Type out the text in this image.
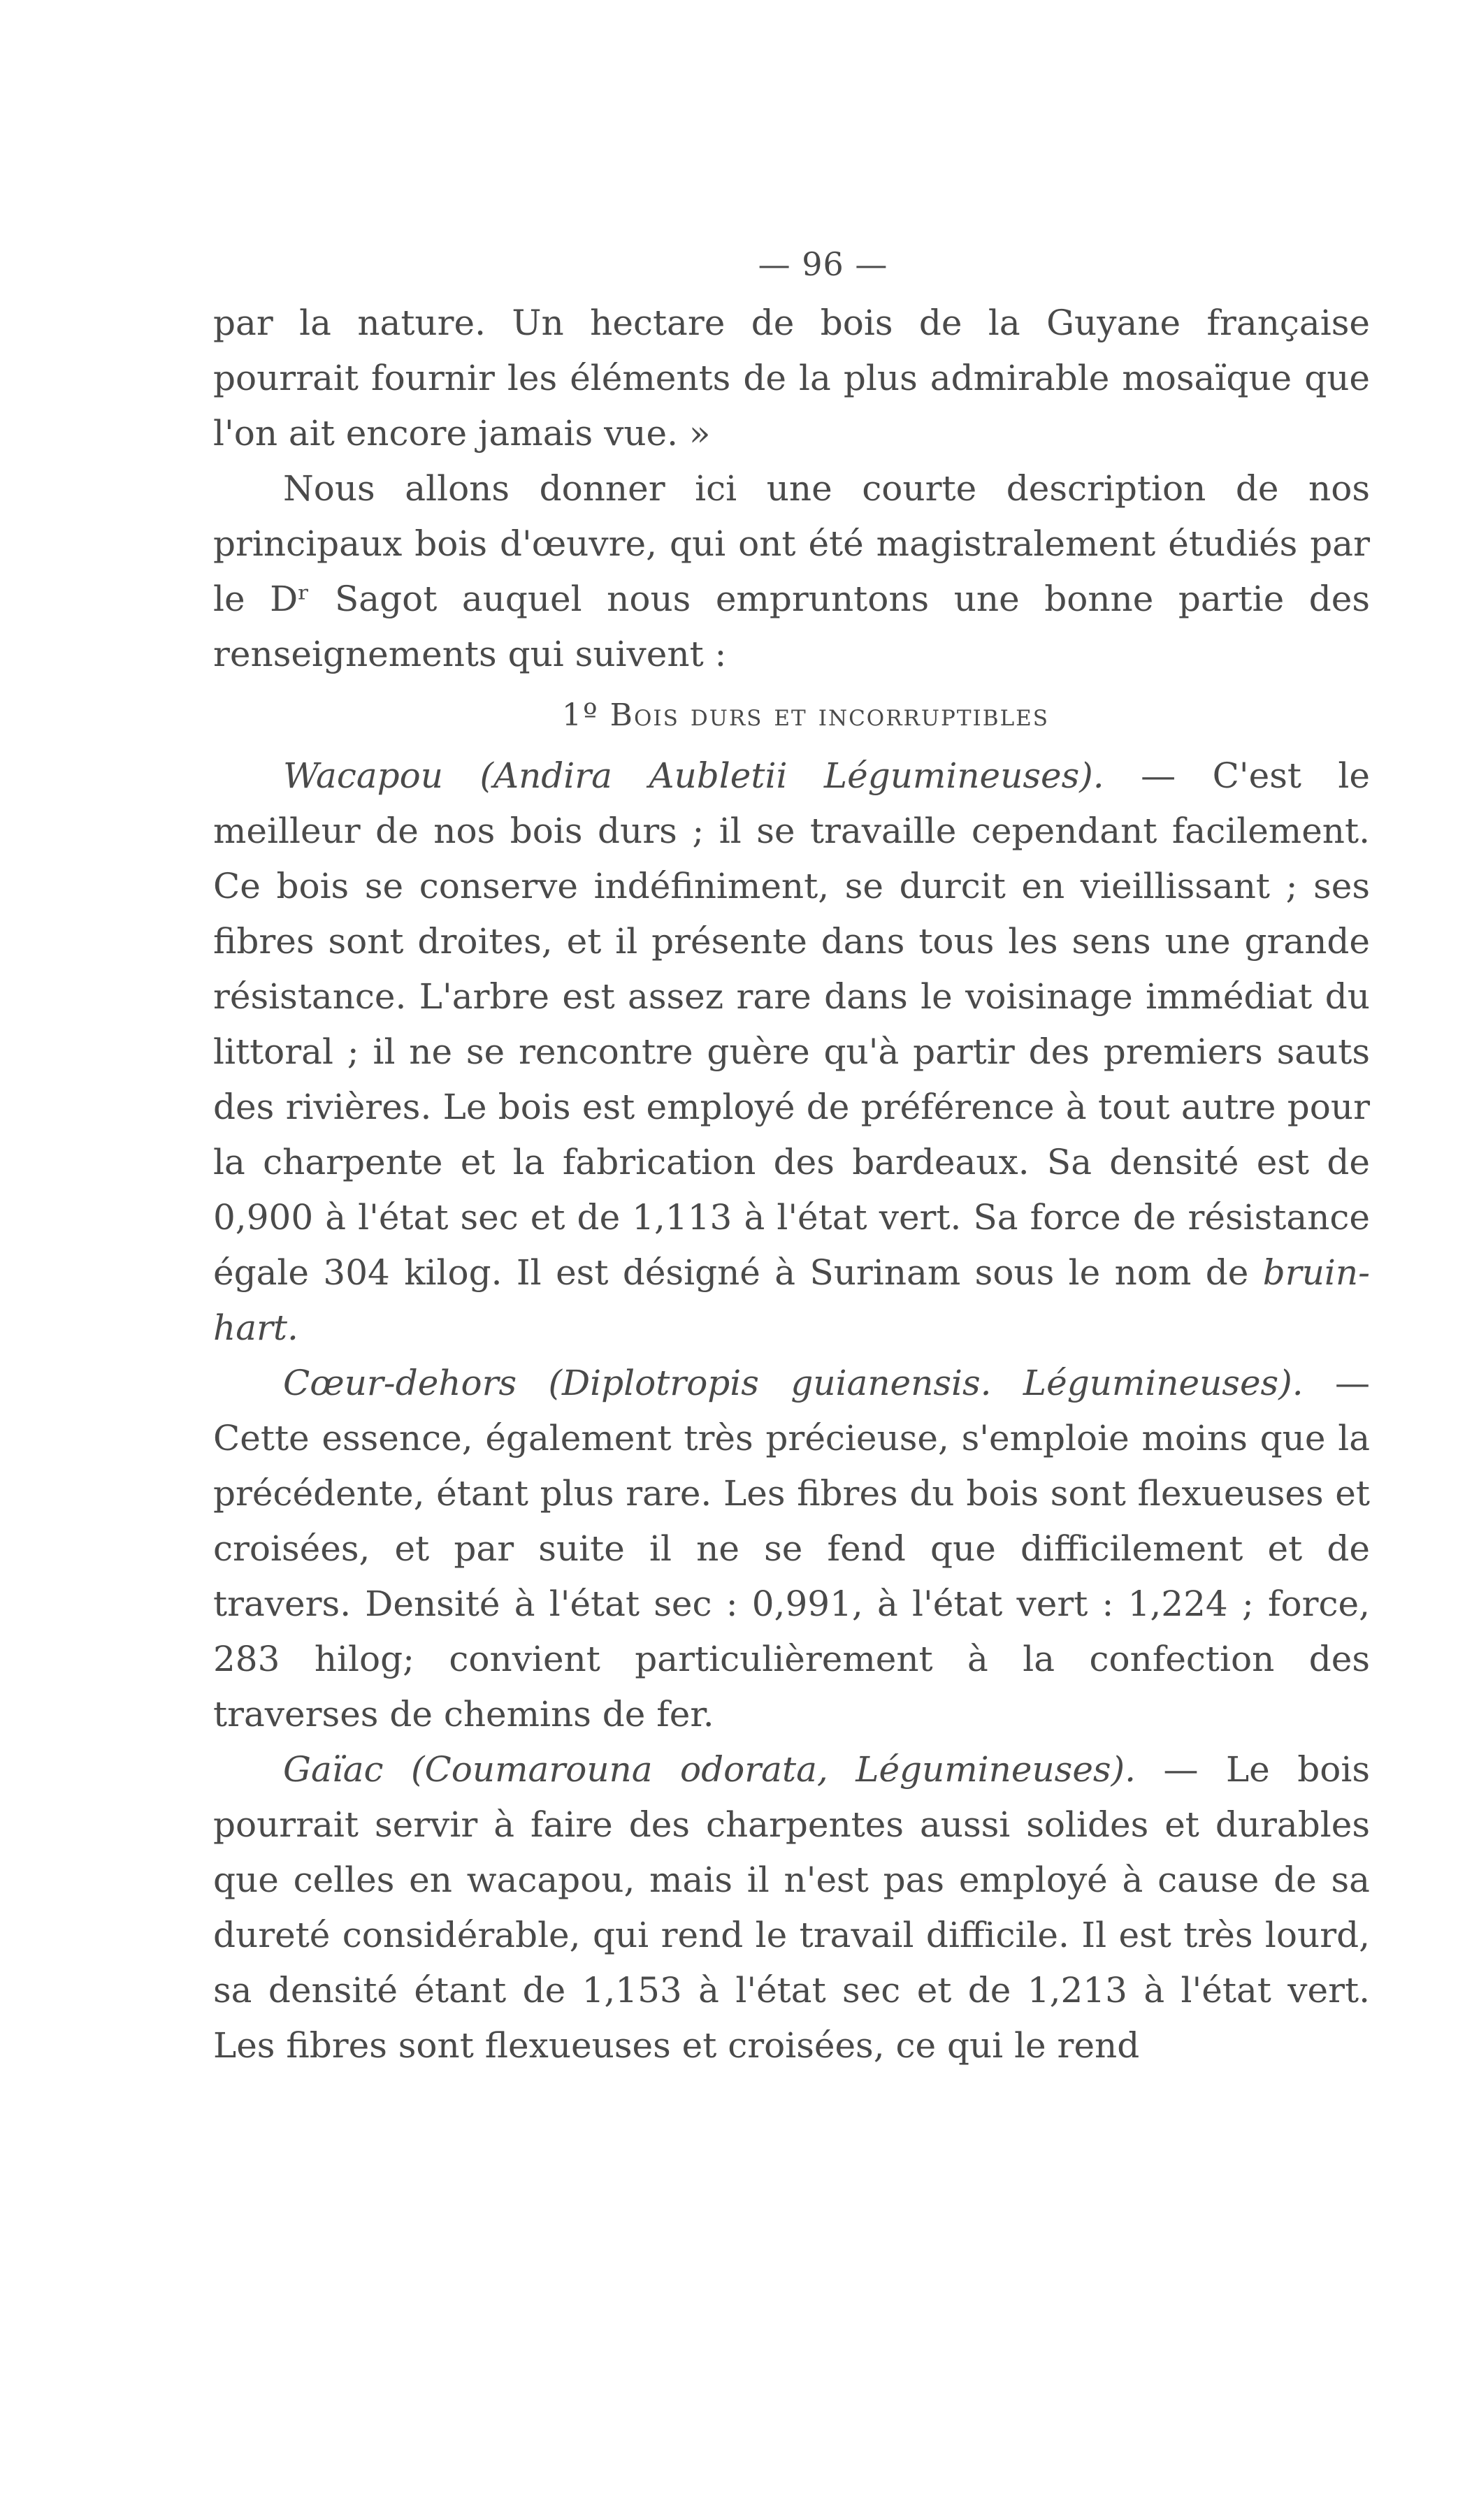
— 96 —

par la nature. Un hectare de bois de la Guyane française pourrait fournir les éléments de la plus admirable mosaïque que l'on ait encore jamais vue. »

Nous allons donner ici une courte description de nos principaux bois d'œuvre, qui ont été magistralement étudiés par le Dʳ Sagot auquel nous empruntons une bonne partie des renseignements qui suivent :

1º Bois durs et incorruptibles

Wacapou (Andira Aubletii Légumineuses). — C'est le meilleur de nos bois durs ; il se travaille cependant facilement. Ce bois se conserve indéfiniment, se durcit en vieillissant ; ses fibres sont droites, et il présente dans tous les sens une grande résistance. L'arbre est assez rare dans le voisinage immédiat du littoral ; il ne se rencontre guère qu'à partir des premiers sauts des rivières. Le bois est employé de préférence à tout autre pour la charpente et la fabrication des bardeaux. Sa densité est de 0,900 à l'état sec et de 1,113 à l'état vert. Sa force de résistance égale 304 kilog. Il est désigné à Surinam sous le nom de bruin-hart.

Cœur-dehors (Diplotropis guianensis. Légumineuses). — Cette essence, également très précieuse, s'emploie moins que la précédente, étant plus rare. Les fibres du bois sont flexueuses et croisées, et par suite il ne se fend que difficilement et de travers. Densité à l'état sec : 0,991, à l'état vert : 1,224 ; force, 283 hilog; convient particulièrement à la confection des traverses de chemins de fer.

Gaïac (Coumarouna odorata, Légumineuses). — Le bois pourrait servir à faire des charpentes aussi solides et durables que celles en wacapou, mais il n'est pas employé à cause de sa dureté considérable, qui rend le travail difficile. Il est très lourd, sa densité étant de 1,153 à l'état sec et de 1,213 à l'état vert. Les fibres sont flexueuses et croisées, ce qui le rend
